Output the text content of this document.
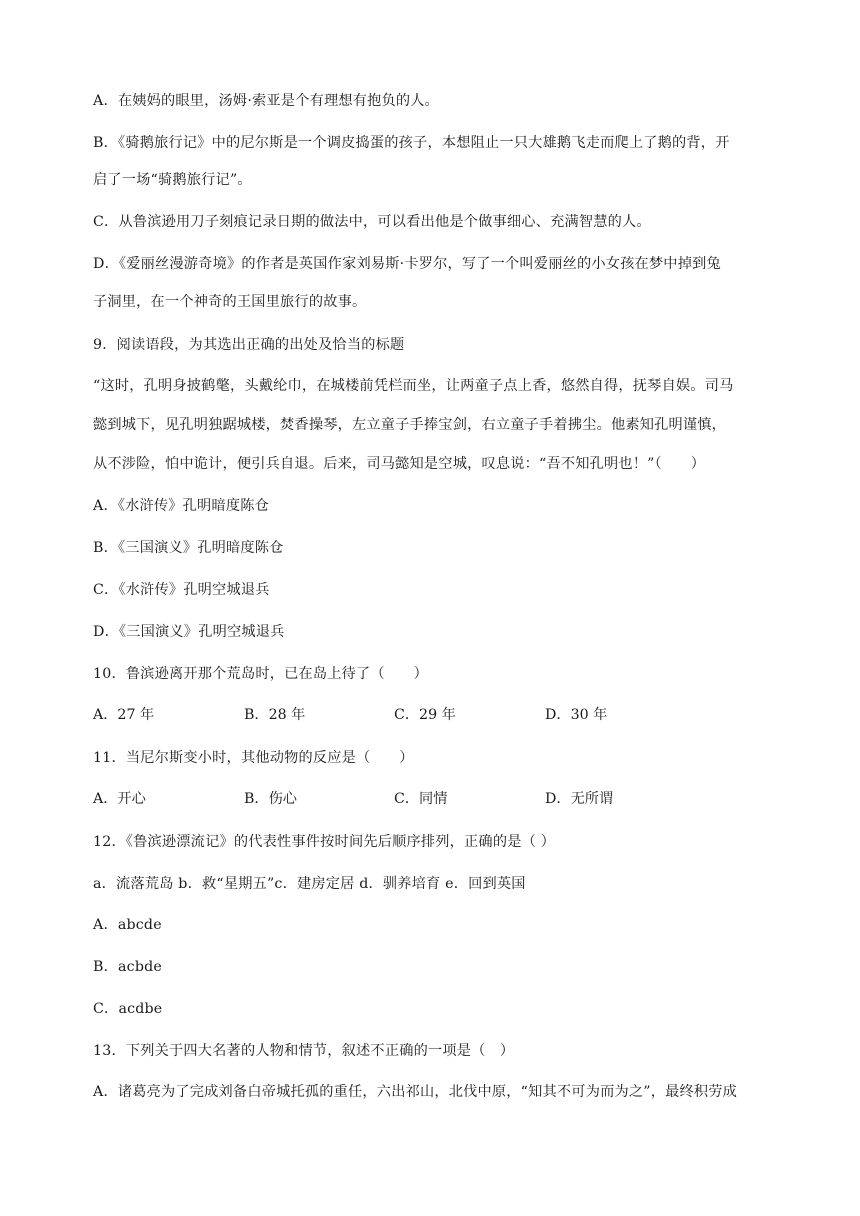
A．在姨妈的眼里，汤姆·索亚是个有理想有抱负的人。
B．《骑鹅旅行记》中的尼尔斯是一个调皮捣蛋的孩子，本想阻止一只大雄鹅飞走而爬上了鹅的背，开
启了一场“骑鹅旅行记”。
C．从鲁滨逊用刀子刻痕记录日期的做法中，可以看出他是个做事细心、充满智慧的人。
D．《爱丽丝漫游奇境》的作者是英国作家刘易斯·卡罗尔，写了一个叫爱丽丝的小女孩在梦中掉到兔
子洞里，在一个神奇的王国里旅行的故事。
9．阅读语段，为其选出正确的出处及恰当的标题
“这时，孔明身披鹤氅，头戴纶巾，在城楼前凭栏而坐，让两童子点上香，悠然自得，抚琴自娱。司马
懿到城下，见孔明独踞城楼，焚香操琴，左立童子手捧宝剑，右立童子手着拂尘。他素知孔明谨慎，
从不涉险，怕中诡计，便引兵自退。后来，司马懿知是空城，叹息说：“吾不知孔明也！”（　　）
A．《水浒传》孔明暗度陈仓
B．《三国演义》孔明暗度陈仓
C．《水浒传》孔明空城退兵
D．《三国演义》孔明空城退兵
10．鲁滨逊离开那个荒岛时，已在岛上待了（　　）
A．27 年	B．28 年	C．29 年	D．30 年
11．当尼尔斯变小时，其他动物的反应是（　　）
A．开心	B．伤心	C．同情	D．无所谓
12．《鲁滨逊漂流记》的代表性事件按时间先后顺序排列，正确的是（ ）
a．流落荒岛 b．救“星期五”c．建房定居 d．驯养培育 e．回到英国
A．abcde
B．acbde
C．acdbe
13．下列关于四大名著的人物和情节，叙述不正确的一项是（　）
A．诸葛亮为了完成刘备白帝城托孤的重任，六出祁山，北伐中原，“知其不可为而为之”，最终积劳成
